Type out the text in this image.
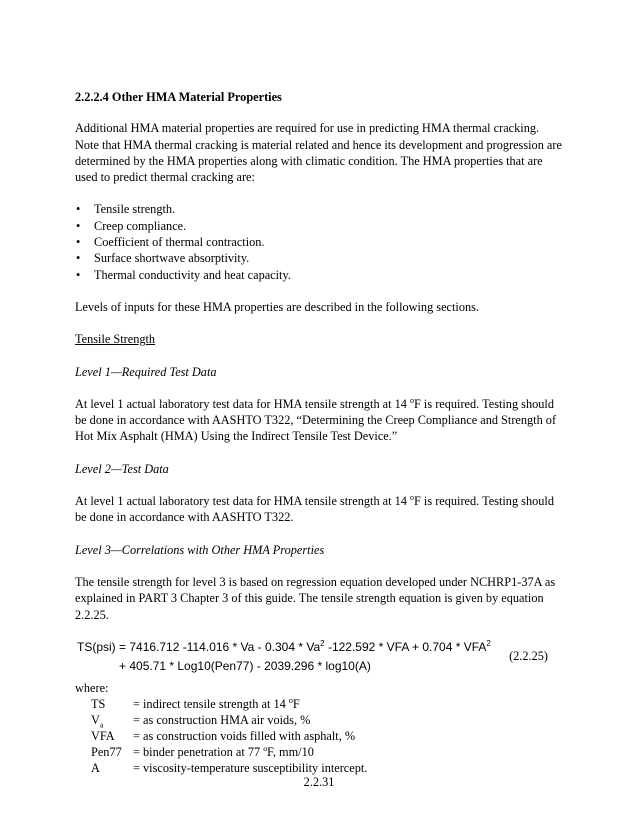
2.2.2.4 Other HMA Material Properties

Additional HMA material properties are required for use in predicting HMA thermal cracking. Note that HMA thermal cracking is material related and hence its development and progression are determined by the HMA properties along with climatic condition. The HMA properties that are used to predict thermal cracking are:

• Tensile strength.
• Creep compliance.
• Coefficient of thermal contraction.
• Surface shortwave absorptivity.
• Thermal conductivity and heat capacity.

Levels of inputs for these HMA properties are described in the following sections.

Tensile Strength

Level 1—Required Test Data

At level 1 actual laboratory test data for HMA tensile strength at 14 $^o$F is required. Testing should be done in accordance with AASHTO T322, “Determining the Creep Compliance and Strength of Hot Mix Asphalt (HMA) Using the Indirect Tensile Test Device.”

Level 2—Test Data

At level 1 actual laboratory test data for HMA tensile strength at 14 $^o$F is required. Testing should be done in accordance with AASHTO T322.

Level 3—Correlations with Other HMA Properties

The tensile strength for level 3 is based on regression equation developed under NCHRP1-37A as explained in PART 3 Chapter 3 of this guide. The tensile strength equation is given by equation 2.2.25.

TS(psi) = 7416.712 -114.016 * Va - 0.304 * Va$^2$ -122.592 * VFA + $0.704 * VFA^2$
+ 405.71 * Log10(Pen77) - 2039.296 * log10(A)
(2.2.25)
where:
TS	= indirect tensile strength at 14 $^o$F
$V_a$	= as construction HMA air voids, %
VFA	= as construction voids filled with asphalt, %
Pen77 = binder penetration at 77 ºF, mm/10
A	= viscosity-temperature susceptibility intercept.
2.2.31
